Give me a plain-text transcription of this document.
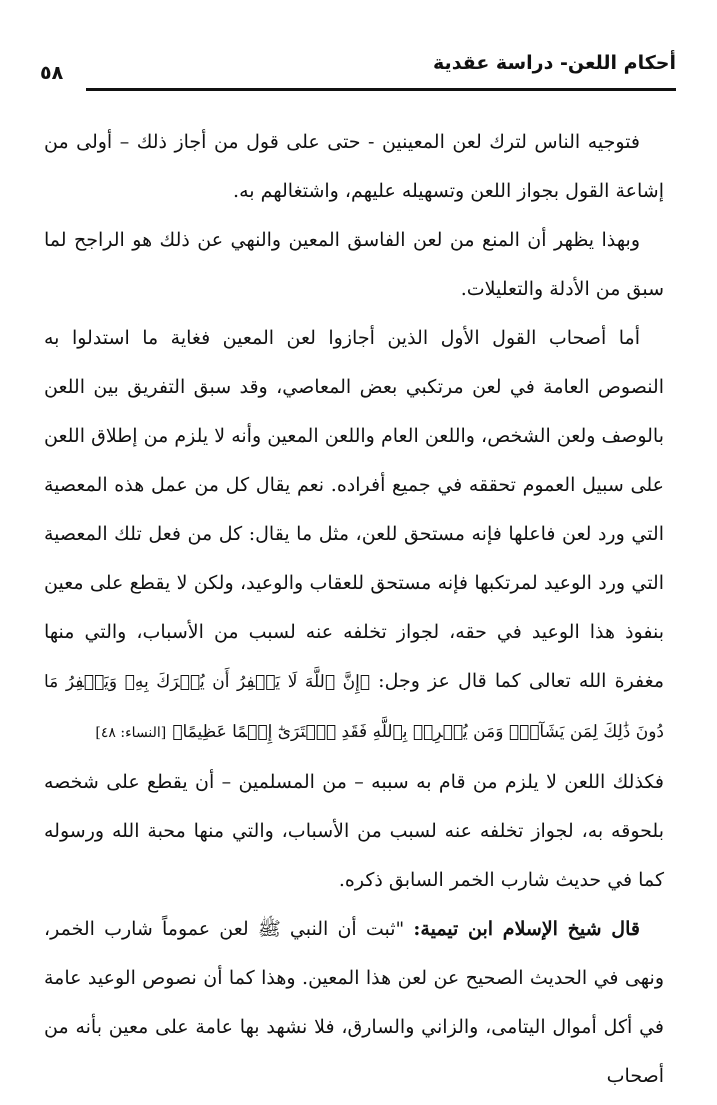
أحكام اللعن- دراسة عقدية
٥٨

فتوجيه الناس لترك لعن المعينين - حتى على قول من أجاز ذلك – أولى من إشاعة القول بجواز اللعن وتسهيله عليهم، واشتغالهم به.

وبهذا يظهر أن المنع من لعن الفاسق المعين والنهي عن ذلك هو الراجح لما سبق من الأدلة والتعليلات.

أما أصحاب القول الأول الذين أجازوا لعن المعين فغاية ما استدلوا به النصوص العامة في لعن مرتكبي بعض المعاصي، وقد سبق التفريق بين اللعن بالوصف ولعن الشخص، واللعن العام واللعن المعين وأنه لا يلزم من إطلاق اللعن على سبيل العموم تحققه في جميع أفراده. نعم يقال كل من عمل هذه المعصية التي ورد لعن فاعلها فإنه مستحق للعن، مثل ما يقال: كل من فعل تلك المعصية التي ورد الوعيد لمرتكبها فإنه مستحق للعقاب والوعيد، ولكن لا يقطع على معين بنفوذ هذا الوعيد في حقه، لجواز تخلفه عنه لسبب من الأسباب، والتي منها مغفرة الله تعالى كما قال عز وجل: ﴿إِنَّ ٱللَّهَ لَا يَغۡفِرُ أَن يُشۡرَكَ بِهِۦ وَيَغۡفِرُ مَا دُونَ ذَٰلِكَ لِمَن يَشَآءُۚ وَمَن يُشۡرِكۡ بِٱللَّهِ فَقَدِ ٱفۡتَرَىٰٓ إِثۡمًا عَظِيمًا﴾ [النساء: ٤٨]

فكذلك اللعن لا يلزم من قام به سببه – من المسلمين – أن يقطع على شخصه بلحوقه به، لجواز تخلفه عنه لسبب من الأسباب، والتي منها محبة الله ورسوله كما في حديث شارب الخمر السابق ذكره.

قال شيخ الإسلام ابن تيمية: "ثبت أن النبي ﷺ لعن عموماً شارب الخمر، ونهى في الحديث الصحيح عن لعن هذا المعين. وهذا كما أن نصوص الوعيد عامة في أكل أموال اليتامى، والزاني والسارق، فلا نشهد بها عامة على معين بأنه من أصحاب
